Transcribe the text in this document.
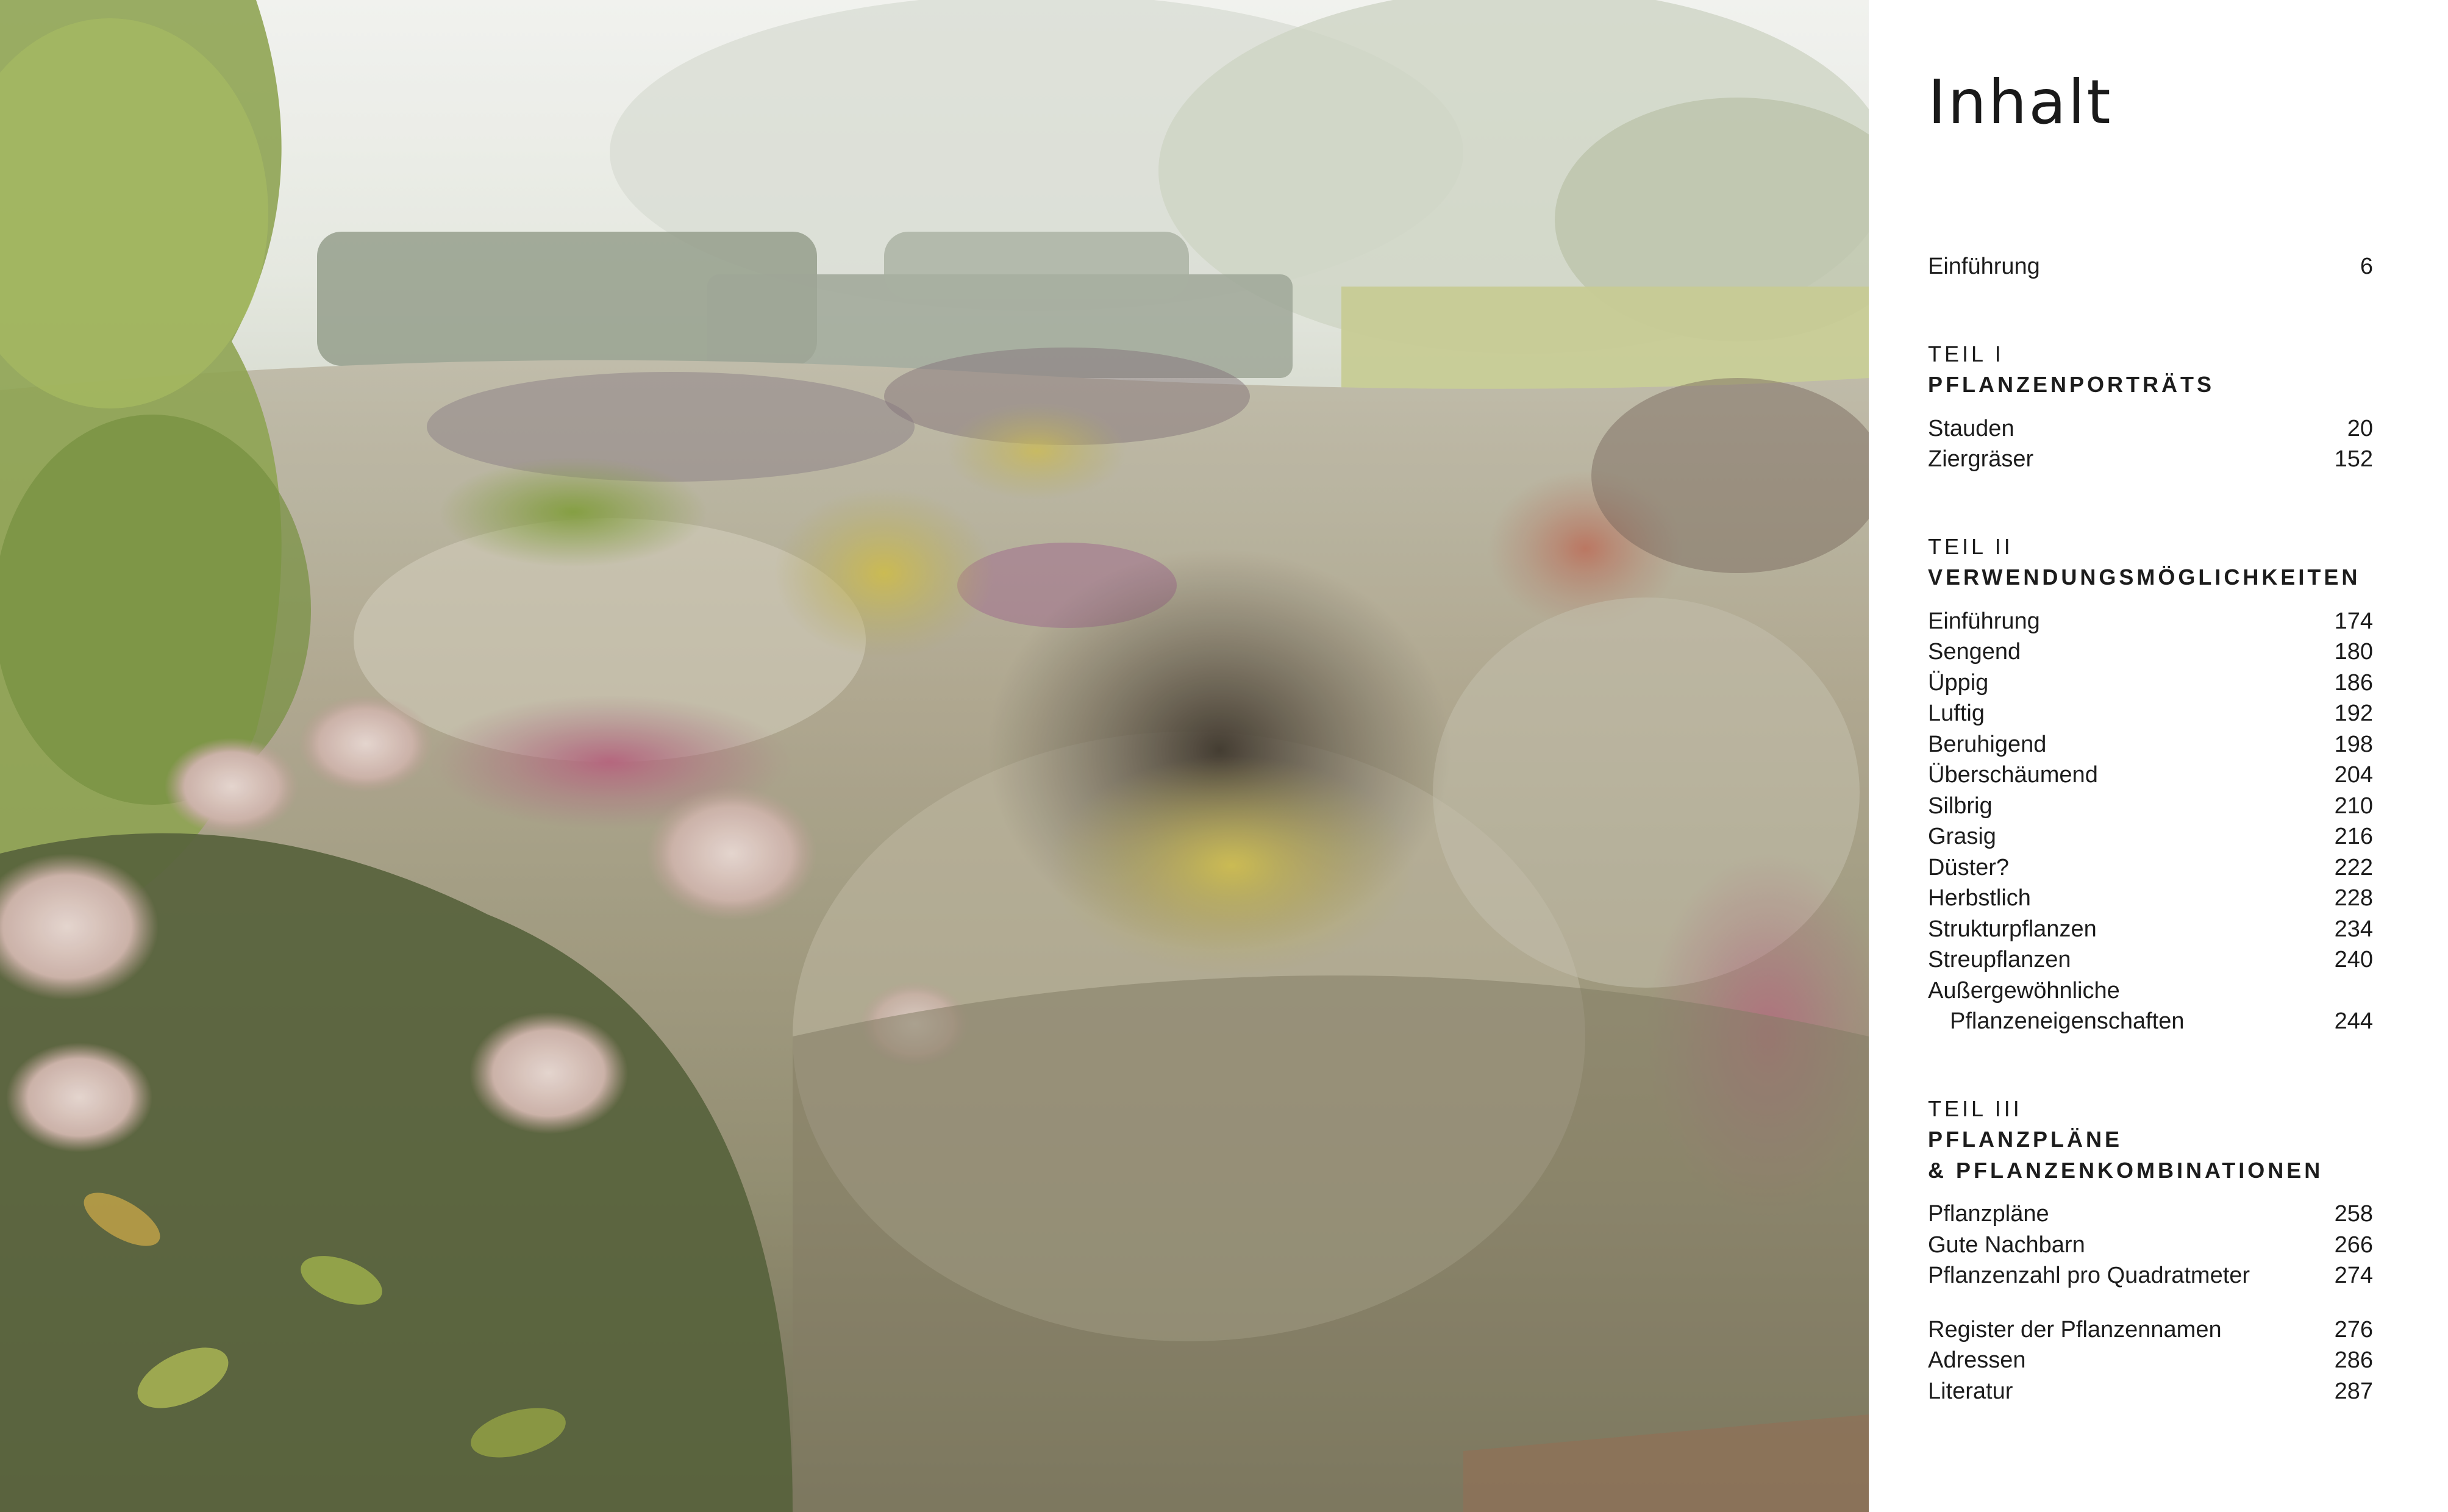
Inhalt
Einführung	6
TEIL I
PFLANZENPORTRÄTS
Stauden	20
Ziergräser	152
TEIL II
VERWENDUNGSMÖGLICHKEITEN
Einführung	174
Sengend	180
Üppig	186
Luftig	192
Beruhigend	198
Überschäumend	204
Silbrig	210
Grasig	216
Düster?	222
Herbstlich	228
Strukturpflanzen	234
Streupflanzen	240
Außergewöhnliche
Pflanzeneigenschaften	244
TEIL III
PFLANZPLÄNE
& PFLANZENKOMBINATIONEN
Pflanzpläne	258
Gute Nachbarn	266
Pflanzenzahl pro Quadratmeter	274
Register der Pflanzennamen	276
Adressen	286
Literatur	287
